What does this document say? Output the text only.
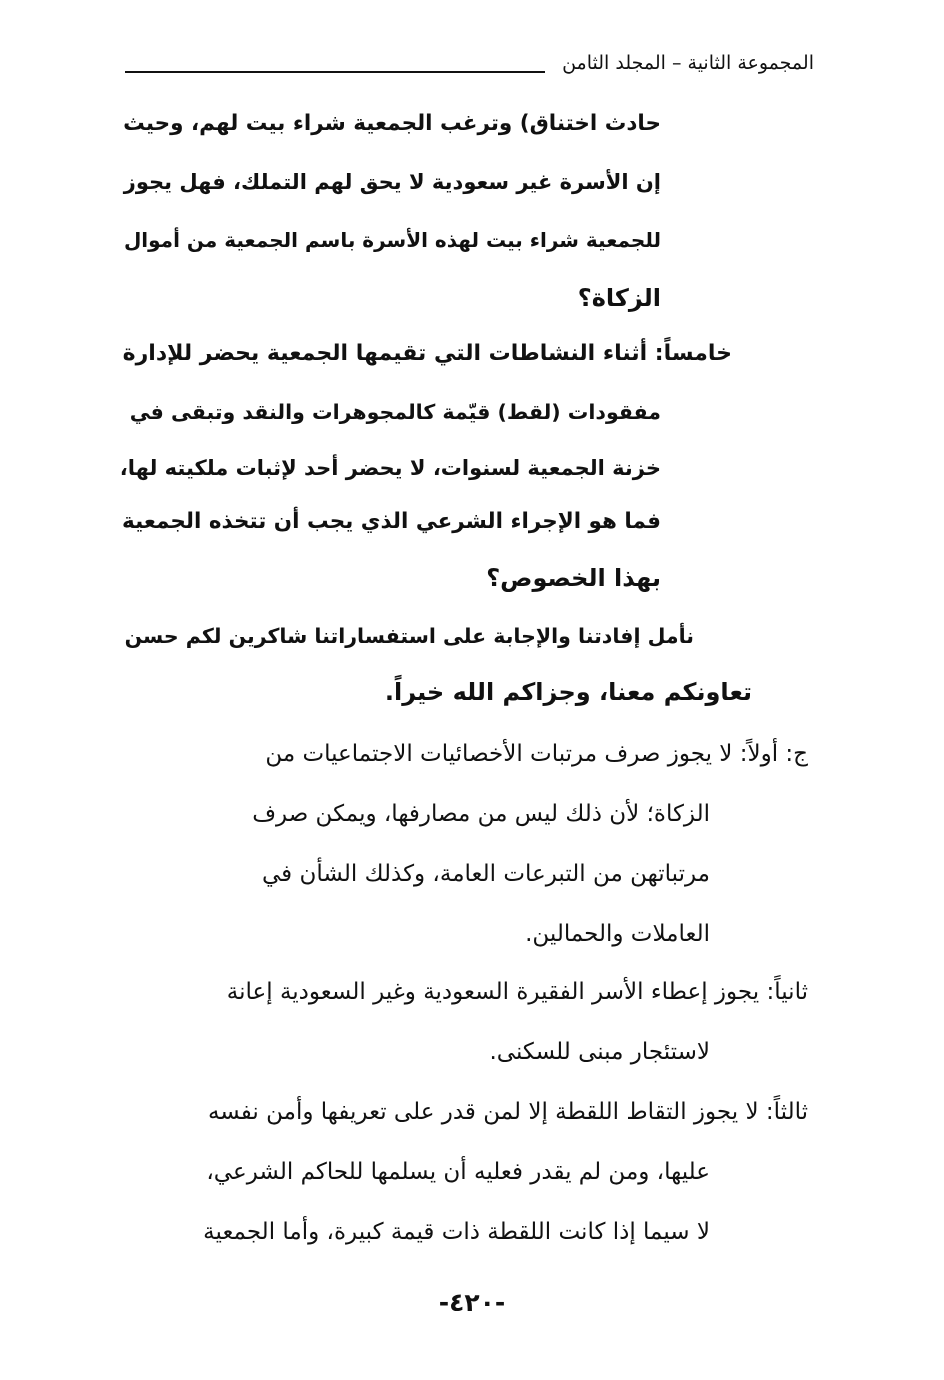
المجموعة الثانية – المجلد الثامن
حادث اختناق) وترغب الجمعية شراء بيت لهم، وحيث
إن الأسرة غير سعودية لا يحق لهم التملك، فهل يجوز
للجمعية شراء بيت لهذه الأسرة باسم الجمعية من أموال
الزكاة؟
خامساً: أثناء النشاطات التي تقيمها الجمعية يحضر للإدارة
مفقودات (لقط) قيّمة كالمجوهرات والنقد وتبقى في
خزنة الجمعية لسنوات، لا يحضر أحد لإثبات ملكيته لها،
فما هو الإجراء الشرعي الذي يجب أن تتخذه الجمعية
بهذا الخصوص؟
نأمل إفادتنا والإجابة على استفساراتنا شاكرين لكم حسن
تعاونكم معنا، وجزاكم الله خيراً.
ج: أولاً: لا يجوز صرف مرتبات الأخصائيات الاجتماعيات من
الزكاة؛ لأن ذلك ليس من مصارفها، ويمكن صرف
مرتباتهن من التبرعات العامة، وكذلك الشأن في
العاملات والحمالين.
ثانياً: يجوز إعطاء الأسر الفقيرة السعودية وغير السعودية إعانة
لاستئجار مبنى للسكنى.
ثالثاً: لا يجوز التقاط اللقطة إلا لمن قدر على تعريفها وأمن نفسه
عليها، ومن لم يقدر فعليه أن يسلمها للحاكم الشرعي،
لا سيما إذا كانت اللقطة ذات قيمة كبيرة، وأما الجمعية
-٤٢٠-
